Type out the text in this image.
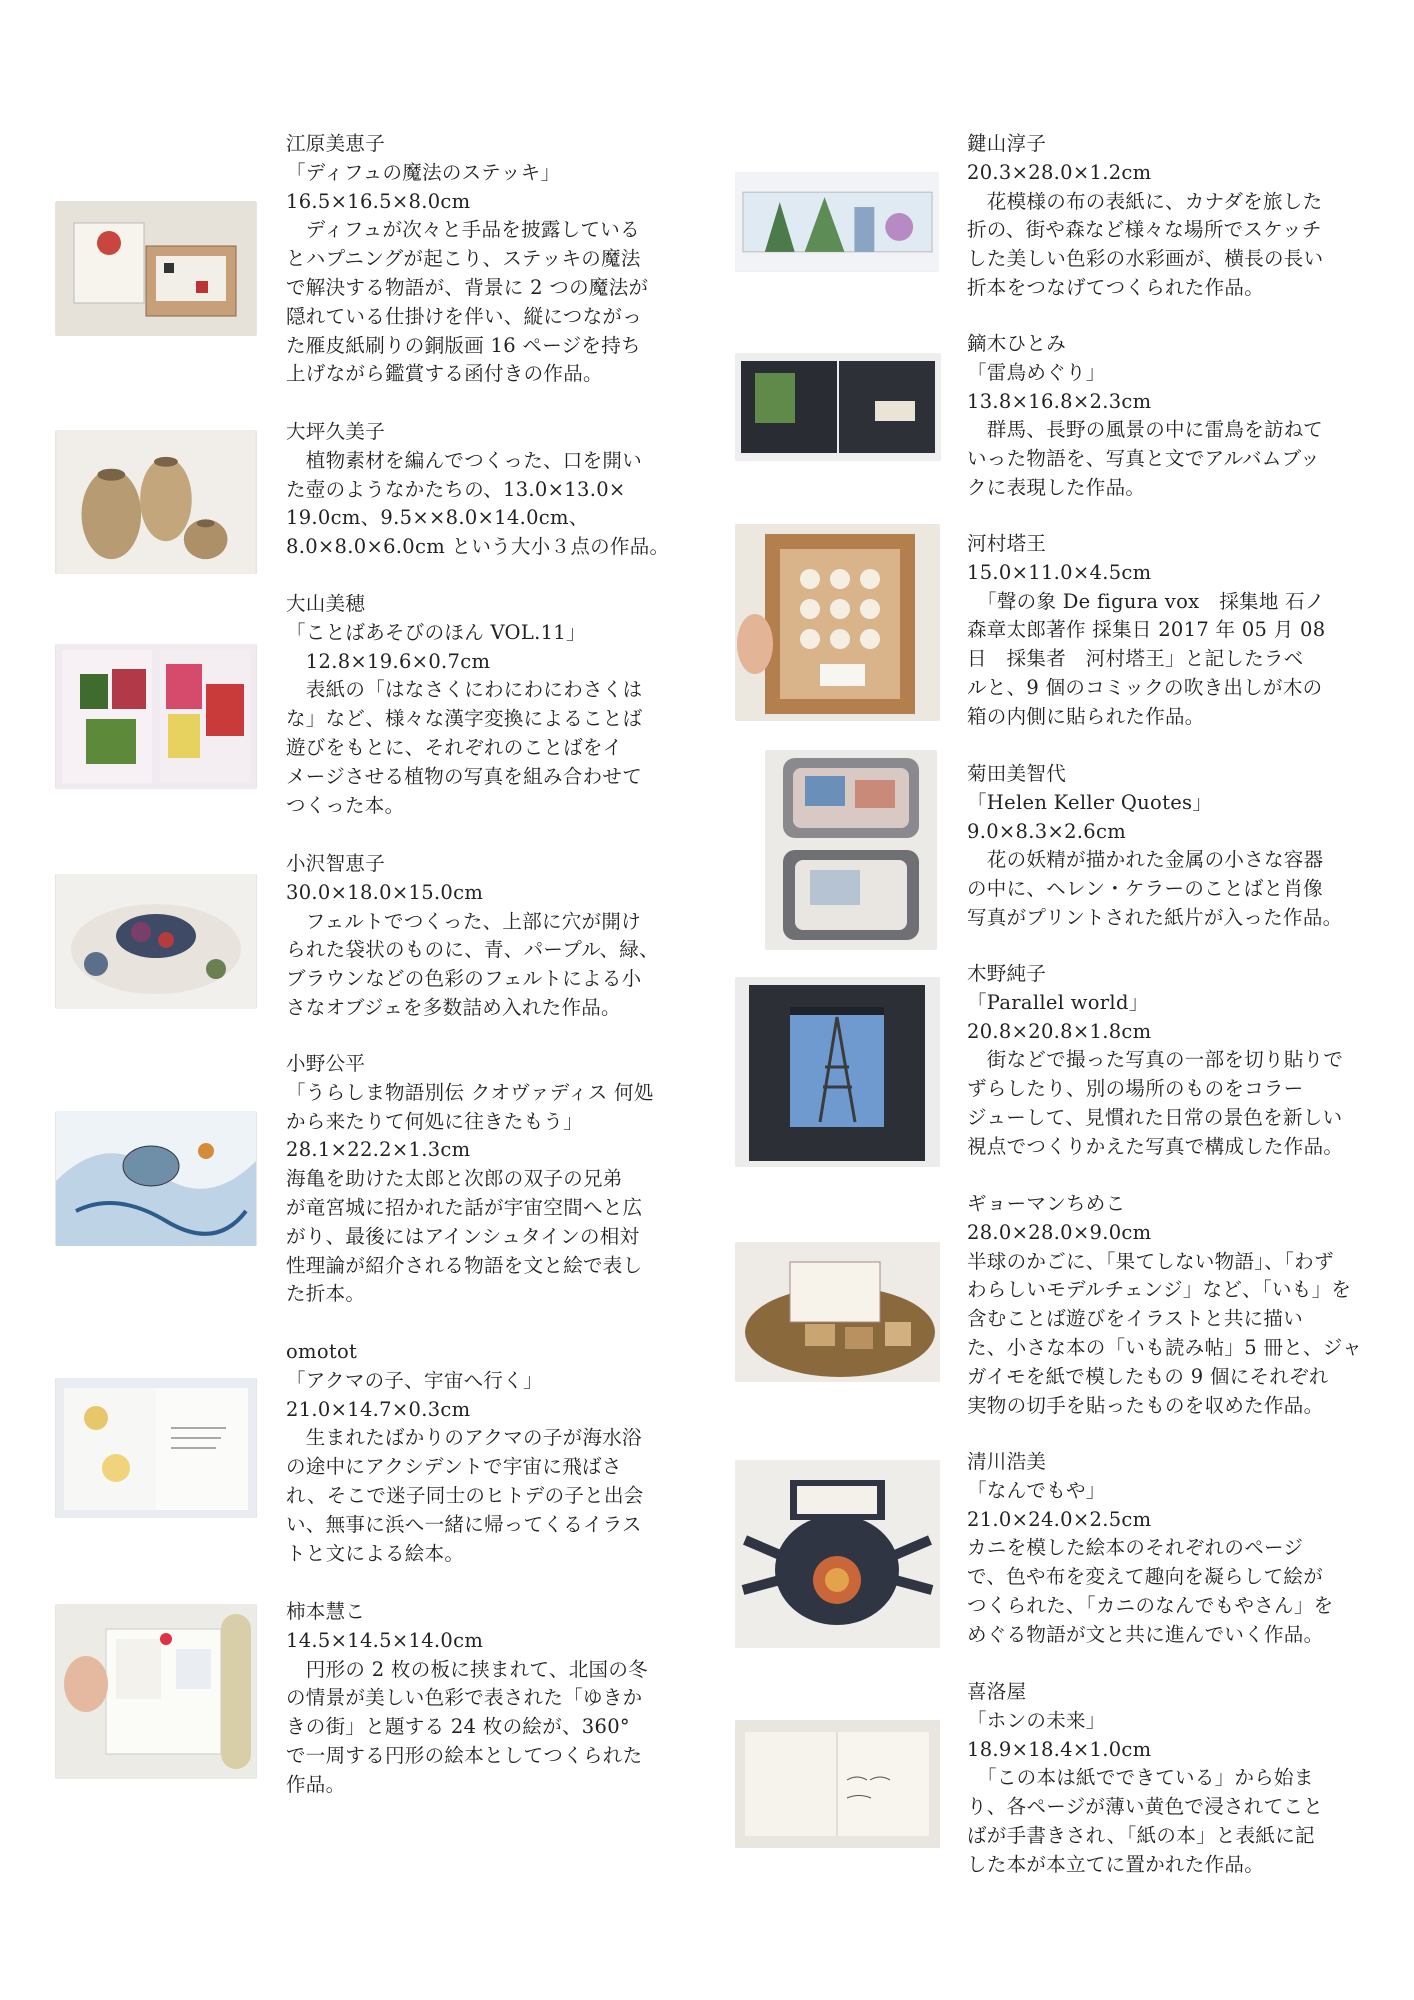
江原美恵子
「ディフュの魔法のステッキ」
16.5×16.5×8.0cm
　ディフュが次々と手品を披露している
とハプニングが起こり、ステッキの魔法
で解決する物語が、背景に 2 つの魔法が
隠れている仕掛けを伴い、縦につながっ
た雁皮紙刷りの銅版画 16 ページを持ち
上げながら鑑賞する函付きの作品。
大坪久美子
　植物素材を編んでつくった、口を開い
た壺のようなかたちの、13.0×13.0×
19.0cm、9.5××8.0×14.0cm、
8.0×8.0×6.0cm という大小３点の作品。
大山美穂
「ことばあそびのほん VOL.11」
　12.8×19.6×0.7cm
　表紙の「はなさくにわにわにわさくは
な」など、様々な漢字変換によることば
遊びをもとに、それぞれのことばをイ
メージさせる植物の写真を組み合わせて
つくった本。
小沢智恵子
30.0×18.0×15.0cm
　フェルトでつくった、上部に穴が開け
られた袋状のものに、青、パープル、緑、
ブラウンなどの色彩のフェルトによる小
さなオブジェを多数詰め入れた作品。
小野公平
「うらしま物語別伝 クオヴァディス 何処
から来たりて何処に往きたもう」
28.1×22.2×1.3cm
海亀を助けた太郎と次郎の双子の兄弟
が竜宮城に招かれた話が宇宙空間へと広
がり、最後にはアインシュタインの相対
性理論が紹介される物語を文と絵で表し
た折本。
omotot
「アクマの子、宇宙へ行く」
21.0×14.7×0.3cm
　生まれたばかりのアクマの子が海水浴
の途中にアクシデントで宇宙に飛ばさ
れ、そこで迷子同士のヒトデの子と出会
い、無事に浜へ一緒に帰ってくるイラス
トと文による絵本。
柿本慧こ
14.5×14.5×14.0cm
　円形の 2 枚の板に挟まれて、北国の冬
の情景が美しい色彩で表された「ゆきか
きの街」と題する 24 枚の絵が、360°
で一周する円形の絵本としてつくられた
作品。
鍵山淳子
20.3×28.0×1.2cm
　花模様の布の表紙に、カナダを旅した
折の、街や森など様々な場所でスケッチ
した美しい色彩の水彩画が、横長の長い
折本をつなげてつくられた作品。
鏑木ひとみ
「雷鳥めぐり」
13.8×16.8×2.3cm
　群馬、長野の風景の中に雷鳥を訪ねて
いった物語を、写真と文でアルバムブッ
クに表現した作品。
河村塔王
15.0×11.0×4.5cm
　「聲の象 De figura vox　採集地 石ノ
森章太郎著作 採集日 2017 年 05 月 08
日　採集者　河村塔王」と記したラベ
ルと、9 個のコミックの吹き出しが木の
箱の内側に貼られた作品。
菊田美智代
「Helen Keller Quotes」
9.0×8.3×2.6cm
　花の妖精が描かれた金属の小さな容器
の中に、ヘレン・ケラーのことばと肖像
写真がプリントされた紙片が入った作品。
木野純子
「Parallel world」
20.8×20.8×1.8cm
　街などで撮った写真の一部を切り貼りで
ずらしたり、別の場所のものをコラー
ジューして、見慣れた日常の景色を新しい
視点でつくりかえた写真で構成した作品。
ギョーマンちめこ
28.0×28.0×9.0cm
半球のかごに、「果てしない物語」、「わず
わらしいモデルチェンジ」など、「いも」を
含むことば遊びをイラストと共に描い
た、小さな本の「いも読み帖」5 冊と、ジャ
ガイモを紙で模したもの 9 個にそれぞれ
実物の切手を貼ったものを収めた作品。
清川浩美
「なんでもや」
21.0×24.0×2.5cm
カニを模した絵本のそれぞれのページ
で、色や布を変えて趣向を凝らして絵が
つくられた、「カニのなんでもやさん」を
めぐる物語が文と共に進んでいく作品。
喜洛屋
「ホンの未来」
18.9×18.4×1.0cm
　「この本は紙でできている」から始ま
り、各ページが薄い黄色で浸されてこと
ばが手書きされ、「紙の本」と表紙に記
した本が本立てに置かれた作品。
